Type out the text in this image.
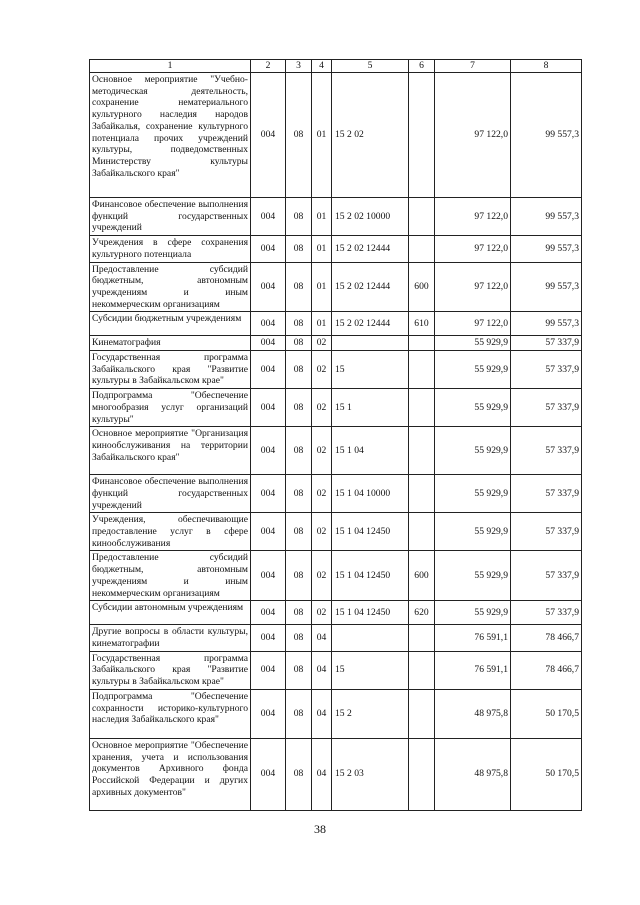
1	2	3	4	5	6	7	8
Основное мероприятие "Учебно-методическая деятельность, сохранение нематериального культурного наследия народов Забайкалья, сохранение культурного потенциала прочих учреждений культуры, подведомственных Министерству культуры Забайкальского края"	004	08	01	15 2 02		97 122,0	99 557,3
Финансовое обеспечение выполнения функций государственных учреждений	004	08	01	15 2 02 10000		97 122,0	99 557,3
Учреждения в сфере сохранения культурного потенциала	004	08	01	15 2 02 12444		97 122,0	99 557,3
Предоставление субсидий бюджетным, автономным учреждениям и иным некоммерческим организациям	004	08	01	15 2 02 12444	600	97 122,0	99 557,3
Субсидии бюджетным учреждениям	004	08	01	15 2 02 12444	610	97 122,0	99 557,3
Кинематография	004	08	02			55 929,9	57 337,9
Государственная программа Забайкальского края "Развитие культуры в Забайкальском крае"	004	08	02	15		55 929,9	57 337,9
Подпрограмма "Обеспечение многообразия услуг организаций культуры"	004	08	02	15 1		55 929,9	57 337,9
Основное мероприятие "Организация кинообслуживания на территории Забайкальского края"	004	08	02	15 1 04		55 929,9	57 337,9
Финансовое обеспечение выполнения функций государственных учреждений	004	08	02	15 1 04 10000		55 929,9	57 337,9
Учреждения, обеспечивающие предоставление услуг в сфере кинообслуживания	004	08	02	15 1 04 12450		55 929,9	57 337,9
Предоставление субсидий бюджетным, автономным учреждениям и иным некоммерческим организациям	004	08	02	15 1 04 12450	600	55 929,9	57 337,9
Субсидии автономным учреждениям	004	08	02	15 1 04 12450	620	55 929,9	57 337,9
Другие вопросы в области культуры, кинематографии	004	08	04			76 591,1	78 466,7
Государственная программа Забайкальского края "Развитие культуры в Забайкальском крае"	004	08	04	15		76 591,1	78 466,7
Подпрограмма "Обеспечение сохранности историко-культурного наследия Забайкальского края"	004	08	04	15 2		48 975,8	50 170,5
Основное мероприятие "Обеспечение хранения, учета и использования документов Архивного фонда Российской Федерации и других архивных документов"	004	08	04	15 2 03		48 975,8	50 170,5
38
